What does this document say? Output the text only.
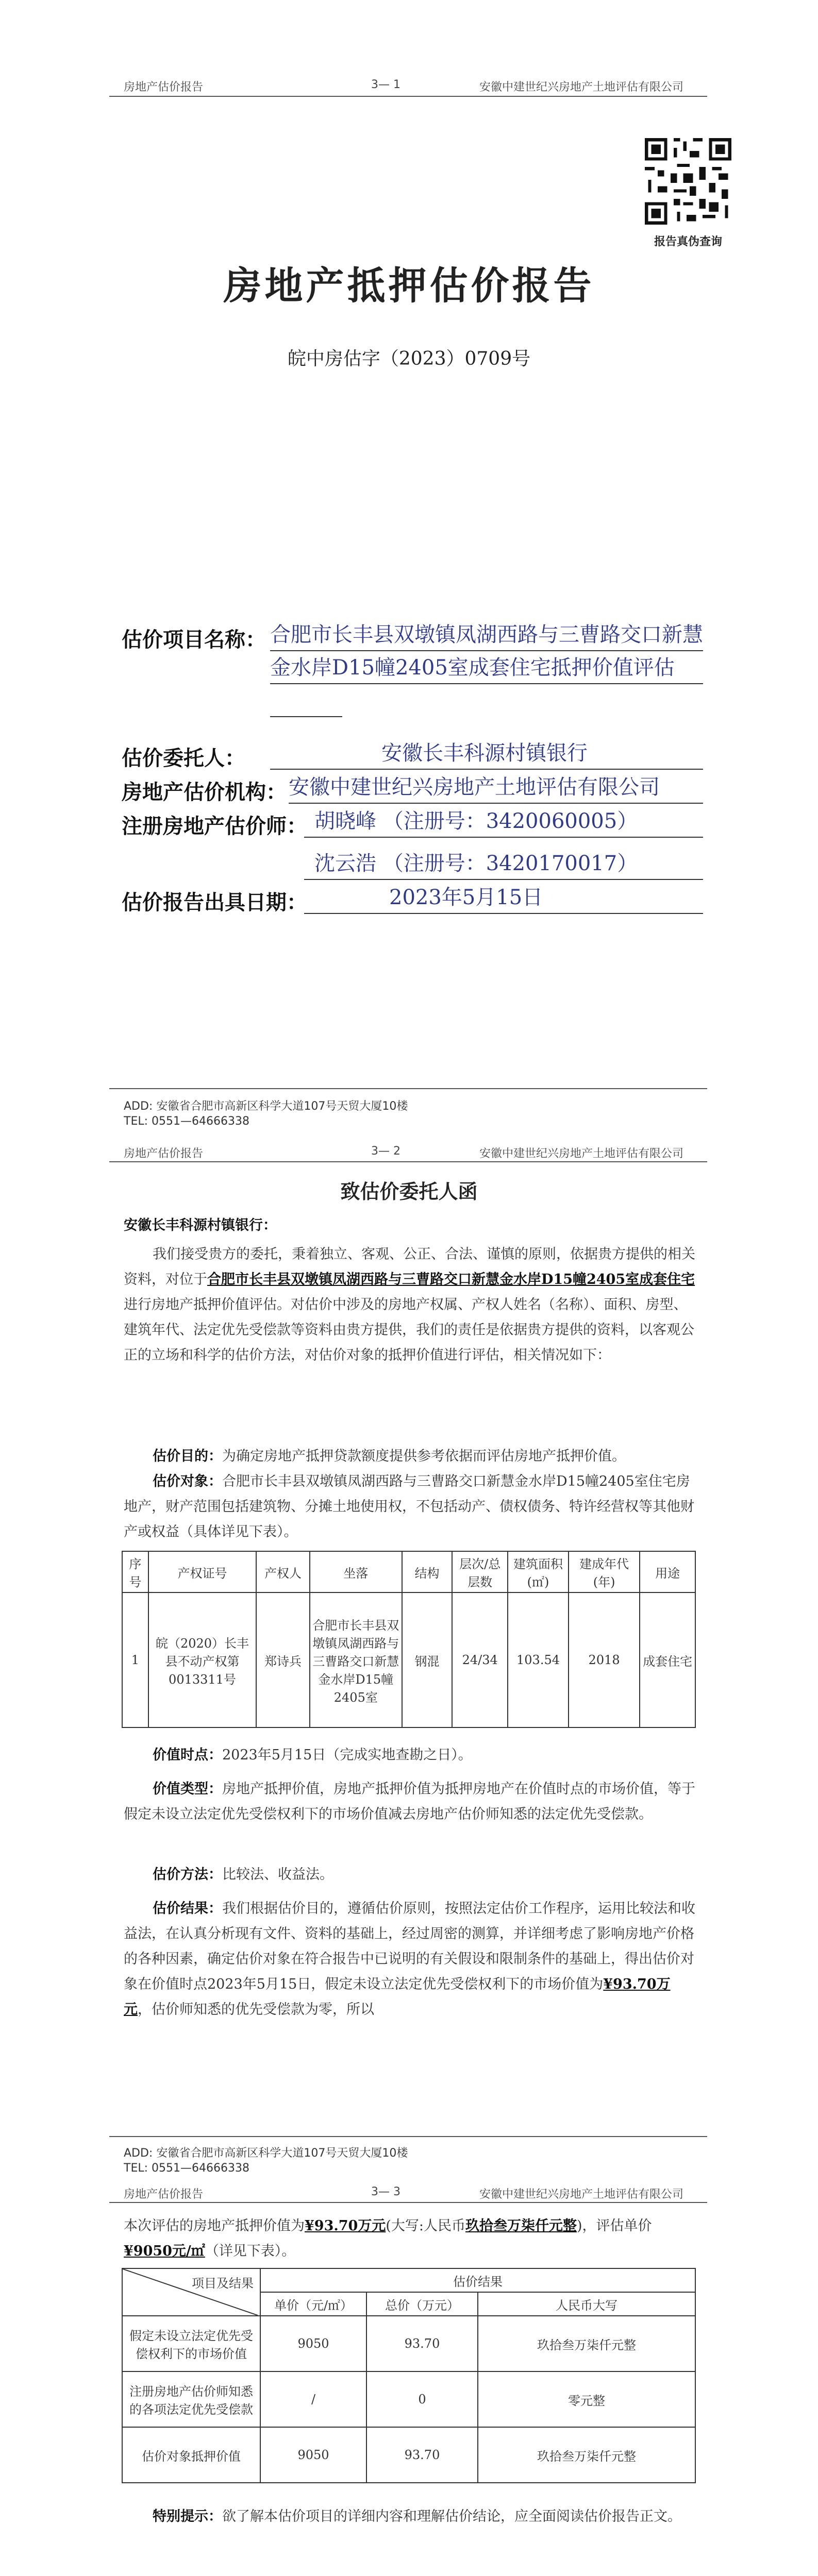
房地产估价报告	3— 1	安徽中建世纪兴房地产土地评估有限公司
报告真伪查询
房地产抵押估价报告
皖中房估字（2023）0709号
估价项目名称： 合肥市长丰县双墩镇凤湖西路与三曹路交口新慧金水岸D15幢2405室成套住宅抵押价值评估
估价委托人：	安徽长丰科源村镇银行
房地产估价机构： 安徽中建世纪兴房地产土地评估有限公司
注册房地产估价师： 胡晓峰 （注册号：3420060005）
沈云浩 （注册号：3420170017）
估价报告出具日期：	2023年5月15日
ADD: 安徽省合肥市高新区科学大道107号天贸大厦10楼
TEL: 0551—64666338
房地产估价报告	3— 2	安徽中建世纪兴房地产土地评估有限公司
致估价委托人函
安徽长丰科源村镇银行：
我们接受贵方的委托，秉着独立、客观、公正、合法、谨慎的原则，依据贵方提供的相关资料，对位于合肥市长丰县双墩镇凤湖西路与三曹路交口新慧金水岸D15幢2405室成套住宅进行房地产抵押价值评估。对估价中涉及的房地产权属、产权人姓名（名称）、面积、房型、建筑年代、法定优先受偿款等资料由贵方提供，我们的责任是依据贵方提供的资料，以客观公正的立场和科学的估价方法，对估价对象的抵押价值进行评估，相关情况如下：
估价目的：为确定房地产抵押贷款额度提供参考依据而评估房地产抵押价值。
估价对象：合肥市长丰县双墩镇凤湖西路与三曹路交口新慧金水岸D15幢2405室住宅房地产，财产范围包括建筑物、分摊土地使用权，不包括动产、债权债务、特许经营权等其他财产或权益（具体详见下表）。
序号	产权证号	产权人	坐落	结构	层次/总层数	建筑面积(㎡)	建成年代(年)	用途
1	皖（2020）长丰县不动产权第0013311号	郑诗兵	合肥市长丰县双墩镇凤湖西路与三曹路交口新慧金水岸D15幢2405室	钢混	24/34	103.54	2018	成套住宅
价值时点：2023年5月15日（完成实地查勘之日）。
价值类型：房地产抵押价值，房地产抵押价值为抵押房地产在价值时点的市场价值，等于假定未设立法定优先受偿权利下的市场价值减去房地产估价师知悉的法定优先受偿款。
估价方法：比较法、收益法。
估价结果：我们根据估价目的，遵循估价原则，按照法定估价工作程序，运用比较法和收益法，在认真分析现有文件、资料的基础上，经过周密的测算，并详细考虑了影响房地产价格的各种因素，确定估价对象在符合报告中已说明的有关假设和限制条件的基础上，得出估价对象在价值时点2023年5月15日，假定未设立法定优先受偿权利下的市场价值为¥93.70万元，估价师知悉的优先受偿款为零，所以
ADD: 安徽省合肥市高新区科学大道107号天贸大厦10楼
TEL: 0551—64666338
房地产估价报告	3— 3	安徽中建世纪兴房地产土地评估有限公司
本次评估的房地产抵押价值为¥93.70万元(大写:人民币玖拾叁万柒仟元整)，评估单价¥9050元/㎡（详见下表）。
项目及结果	估价结果		
	单价（元/㎡）	总价（万元）	人民币大写
假定未设立法定优先受偿权利下的市场价值	9050	93.70	玖拾叁万柒仟元整
注册房地产估价师知悉的各项法定优先受偿款	/	0	零元整
估价对象抵押价值	9050	93.70	玖拾叁万柒仟元整
特别提示：欲了解本估价项目的详细内容和理解估价结论，应全面阅读估价报告正文。
